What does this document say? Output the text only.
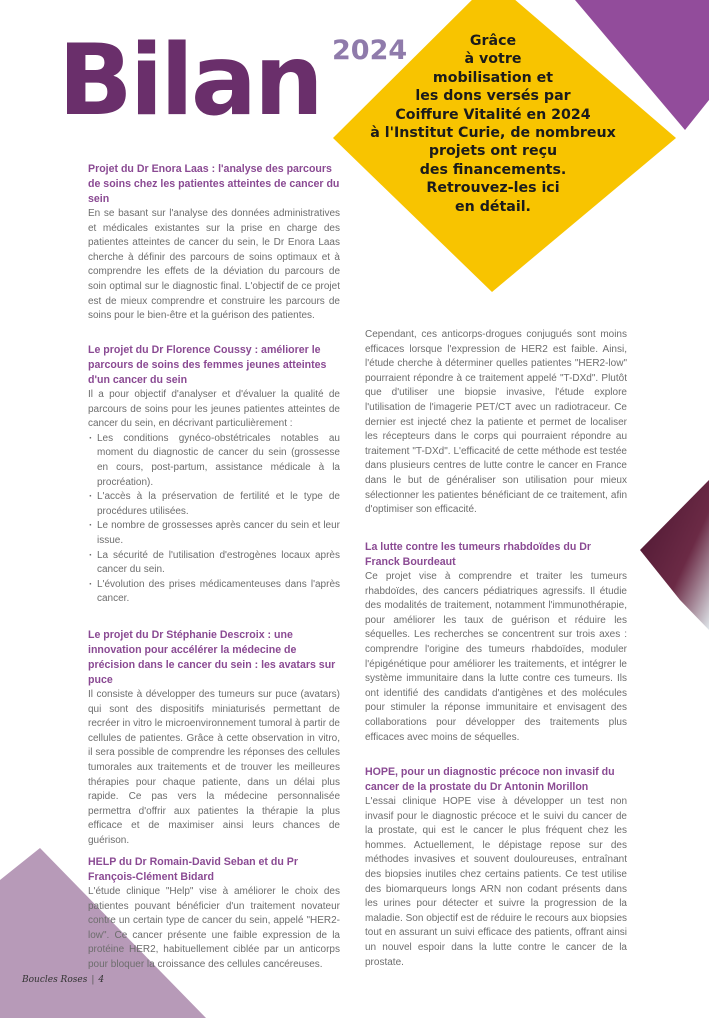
Bilan 2024	Grâce
à votre
mobilisation et
les dons versés par
Coiffure Vitalité en 2024
à l'Institut Curie, de nombreux
projets ont reçu
des financements.
Retrouvez-les ici
en détail.

Projet du Dr Enora Laas : l'analyse des parcours de soins chez les patientes atteintes de cancer du sein

En se basant sur l'analyse des données administratives et médicales existantes sur la prise en charge des patientes atteintes de cancer du sein, le Dr Enora Laas cherche à définir des parcours de soins optimaux et à comprendre les effets de la déviation du parcours de soin optimal sur le diagnostic final. L'objectif de ce projet est de mieux comprendre et construire les parcours de soins pour le bien-être et la guérison des patientes.

Le projet du Dr Florence Coussy : améliorer le parcours de soins des femmes jeunes atteintes d'un cancer du sein

Il a pour objectif d'analyser et d'évaluer la qualité de parcours de soins pour les jeunes patientes atteintes de cancer du sein, en décrivant particulièrement :

· Les conditions gynéco-obstétricales notables au moment du diagnostic de cancer du sein (grossesse en cours, post-partum, assistance médicale à la procréation).
· L'accès à la préservation de fertilité et le type de procédures utilisées.
· Le nombre de grossesses après cancer du sein et leur issue.
· La sécurité de l'utilisation d'estrogènes locaux après cancer du sein.
· L'évolution des prises médicamenteuses dans l'après cancer.

Le projet du Dr Stéphanie Descroix : une innovation pour accélérer la médecine de précision dans le cancer du sein : les avatars sur puce

Il consiste à développer des tumeurs sur puce (avatars) qui sont des dispositifs miniaturisés permettant de recréer in vitro le microenvironnement tumoral à partir de cellules de patientes. Grâce à cette observation in vitro, il sera possible de comprendre les réponses des cellules tumorales aux traitements et de trouver les meilleures thérapies pour chaque patiente, dans un délai plus rapide. Ce pas vers la médecine personnalisée permettra d'offrir aux patientes la thérapie la plus efficace et de maximiser ainsi leurs chances de guérison.

HELP du Dr Romain-David Seban et du Pr François-Clément Bidard

L'étude clinique "Help" vise à améliorer le choix des patientes pouvant bénéficier d'un traitement novateur contre un certain type de cancer du sein, appelé "HER2-low". Ce cancer présente une faible expression de la protéine HER2, habituellement ciblée par un anticorps pour bloquer la croissance des cellules cancéreuses.

Cependant, ces anticorps-drogues conjugués sont moins efficaces lorsque l'expression de HER2 est faible. Ainsi, l'étude cherche à déterminer quelles patientes "HER2-low" pourraient répondre à ce traitement appelé "T-DXd". Plutôt que d'utiliser une biopsie invasive, l'étude explore l'utilisation de l'imagerie PET/CT avec un radiotraceur. Ce dernier est injecté chez la patiente et permet de localiser les récepteurs dans le corps qui pourraient répondre au traitement "T-DXd". L'efficacité de cette méthode est testée dans plusieurs centres de lutte contre le cancer en France dans le but de généraliser son utilisation pour mieux sélectionner les patientes bénéficiant de ce traitement, afin d'optimiser son efficacité.

La lutte contre les tumeurs rhabdoïdes du Dr Franck Bourdeaut

Ce projet vise à comprendre et traiter les tumeurs rhabdoïdes, des cancers pédiatriques agressifs. Il étudie des modalités de traitement, notamment l'immunothérapie, pour améliorer les taux de guérison et réduire les séquelles. Les recherches se concentrent sur trois axes : comprendre l'origine des tumeurs rhabdoïdes, moduler l'épigénétique pour améliorer les traitements, et intégrer le système immunitaire dans la lutte contre ces tumeurs. Ils ont identifié des candidats d'antigènes et des molécules pour stimuler la réponse immunitaire et envisagent des collaborations pour développer des traitements plus efficaces avec moins de séquelles.

HOPE, pour un diagnostic précoce non invasif du cancer de la prostate du Dr Antonin Morillon

L'essai clinique HOPE vise à développer un test non invasif pour le diagnostic précoce et le suivi du cancer de la prostate, qui est le cancer le plus fréquent chez les hommes. Actuellement, le dépistage repose sur des méthodes invasives et souvent douloureuses, entraînant des biopsies inutiles chez certains patients. Ce test utilise des biomarqueurs longs ARN non codant présents dans les urines pour détecter et suivre la progression de la maladie. Son objectif est de réduire le recours aux biopsies tout en assurant un suivi efficace des patients, offrant ainsi un nouvel espoir dans la lutte contre le cancer de la prostate.

Boucles Roses | 4
